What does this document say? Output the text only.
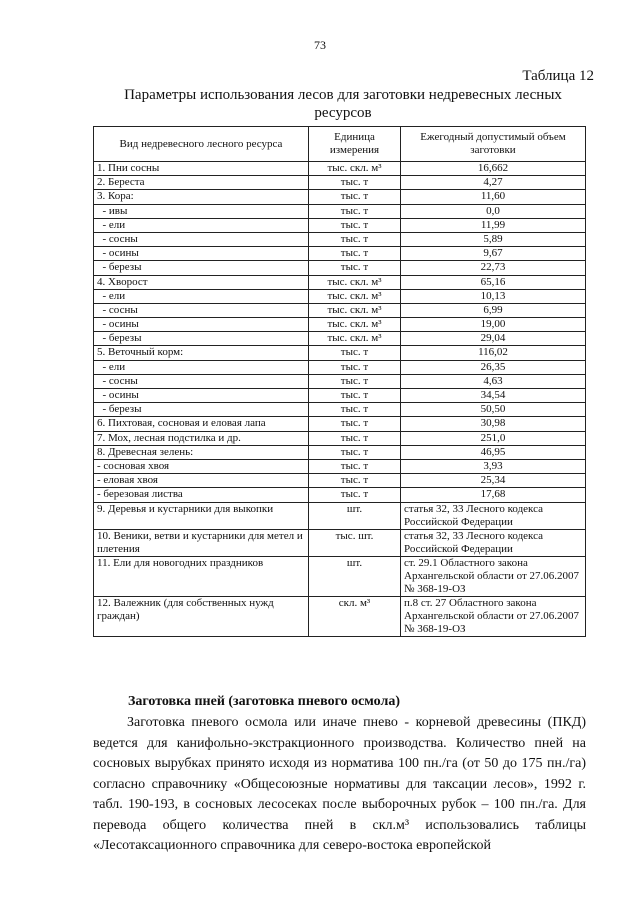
73
Таблица 12
Параметры использования лесов для заготовки недревесных лесных ресурсов
Вид недревесного лесного ресурса	Единица измерения	Ежегодный допустимый объем заготовки
1. Пни сосны	тыс. скл. м³	16,662
2. Береста	тыс. т	4,27
3. Кора:	тыс. т	11,60
- ивы	тыс. т	0,0
- ели	тыс. т	11,99
- сосны	тыс. т	5,89
- осины	тыс. т	9,67
- березы	тыс. т	22,73
4. Хворост	тыс. скл. м³	65,16
- ели	тыс. скл. м³	10,13
- сосны	тыс. скл. м³	6,99
- осины	тыс. скл. м³	19,00
- березы	тыс. скл. м³	29,04
5. Веточный корм:	тыс. т	116,02
- ели	тыс. т	26,35
- сосны	тыс. т	4,63
- осины	тыс. т	34,54
- березы	тыс. т	50,50
6. Пихтовая, сосновая и еловая лапа	тыс. т	30,98
7. Мох, лесная подстилка и др.	тыс. т	251,0
8. Древесная зелень:	тыс. т	46,95
- сосновая хвоя	тыс. т	3,93
- еловая хвоя	тыс. т	25,34
- березовая листва	тыс. т	17,68
9. Деревья и кустарники для выкопки	шт.	статья 32, 33 Лесного кодекса Российской Федерации
10. Веники, ветви и кустарники для метел и плетения	тыс. шт.	статья 32, 33 Лесного кодекса Российской Федерации
11. Ели для новогодних праздников	шт.	ст. 29.1 Областного закона Архангельской области от 27.06.2007 № 368-19-ОЗ
12. Валежник (для собственных нужд граждан)	скл. м³	п.8 ст. 27 Областного закона Архангельской области от 27.06.2007 № 368-19-ОЗ
Заготовка пней (заготовка пневого осмола)

Заготовка пневого осмола или иначе пнево - корневой древесины (ПКД) ведется для канифольно-экстракционного производства. Количество пней на сосновых вырубках принято исходя из норматива 100 пн./га (от 50 до 175 пн./га) согласно справочнику «Общесоюзные нормативы для таксации лесов», 1992 г. табл. 190-193, в сосновых лесосеках после выборочных рубок – 100 пн./га. Для перевода общего количества пней в скл.м³ использовались таблицы «Лесотаксационного справочника для северо-востока европейской
